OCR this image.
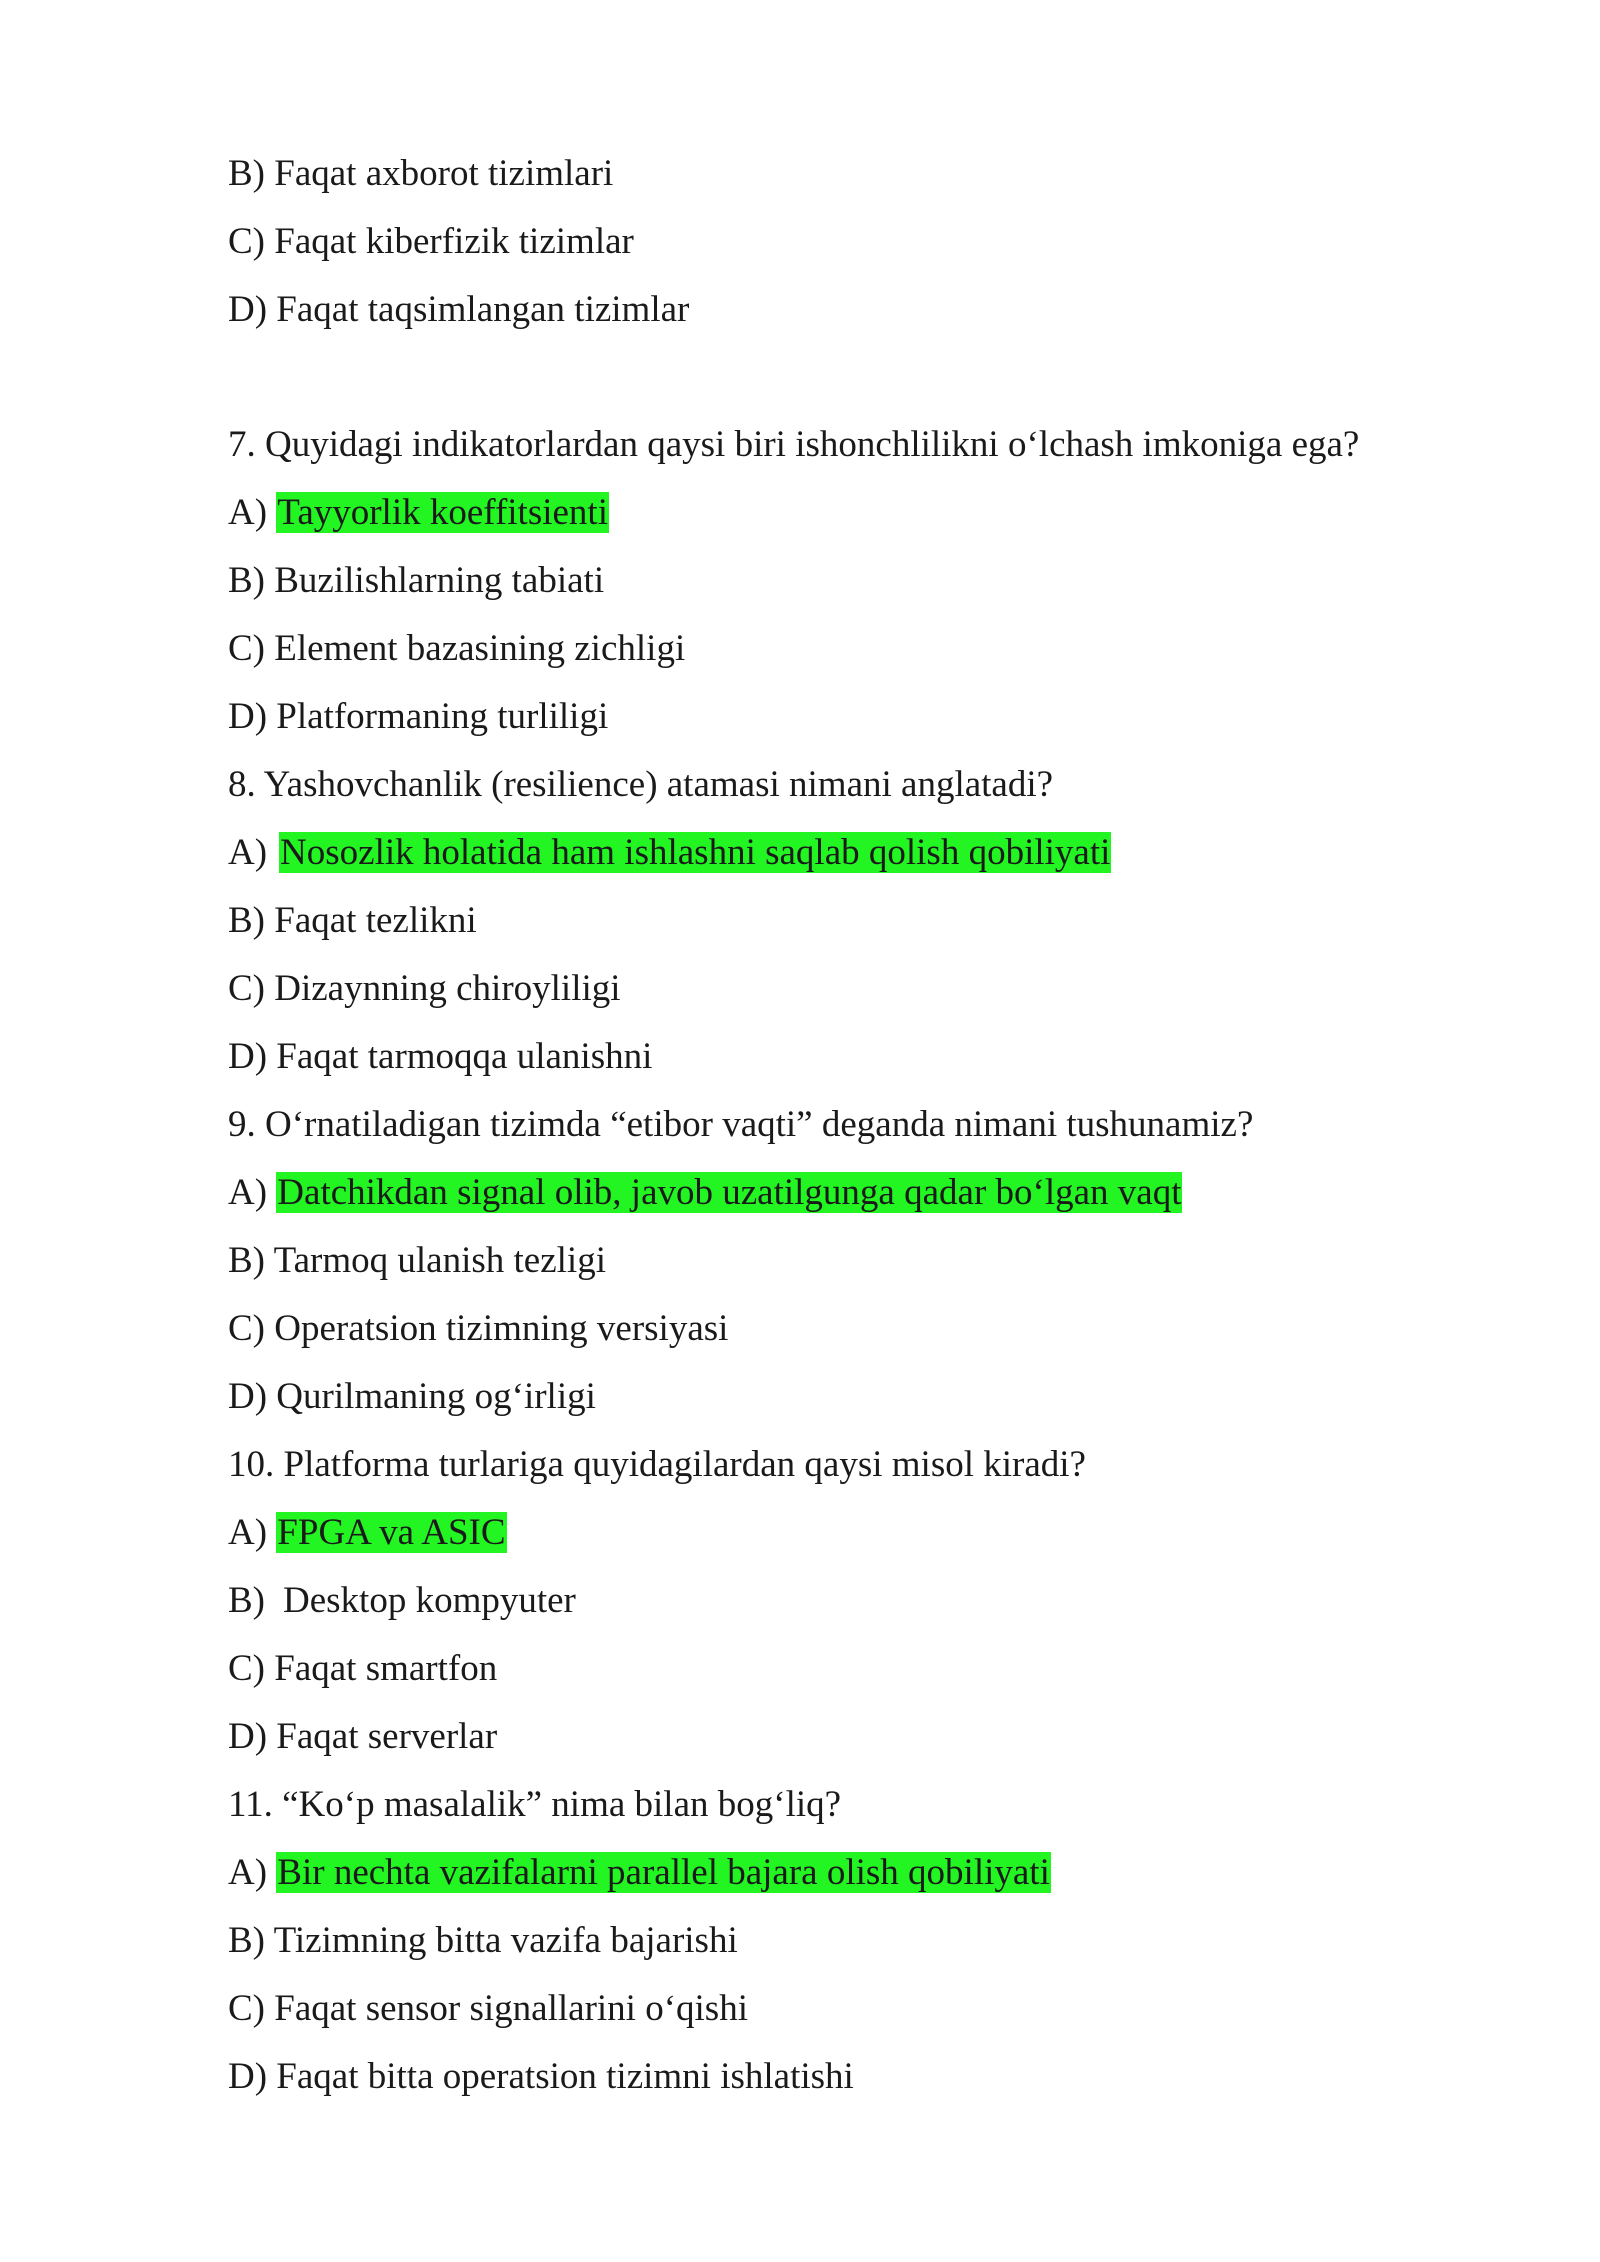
B) Faqat axborot tizimlari
C) Faqat kiberfizik tizimlar
D) Faqat taqsimlangan tizimlar
7. Quyidagi indikatorlardan qaysi biri ishonchlilikni o‘lchash imkoniga ega?
A) Tayyorlik koeffitsienti
B) Buzilishlarning tabiati
C) Element bazasining zichligi
D) Platformaning turliligi
8. Yashovchanlik (resilience) atamasi nimani anglatadi?
A) Nosozlik holatida ham ishlashni saqlab qolish qobiliyati
B) Faqat tezlikni
C) Dizaynning chiroyliligi
D) Faqat tarmoqqa ulanishni
9. O‘rnatiladigan tizimda “etibor vaqti” deganda nimani tushunamiz?
A) Datchikdan signal olib, javob uzatilgunga qadar bo‘lgan vaqt
B) Tarmoq ulanish tezligi
C) Operatsion tizimning versiyasi
D) Qurilmaning og‘irligi
10. Platforma turlariga quyidagilardan qaysi misol kiradi?
A) FPGA va ASIC
B) Desktop kompyuter
C) Faqat smartfon
D) Faqat serverlar
11. “Ko‘p masalalik” nima bilan bog‘liq?
A) Bir nechta vazifalarni parallel bajara olish qobiliyati
B) Tizimning bitta vazifa bajarishi
C) Faqat sensor signallarini o‘qishi
D) Faqat bitta operatsion tizimni ishlatishi
